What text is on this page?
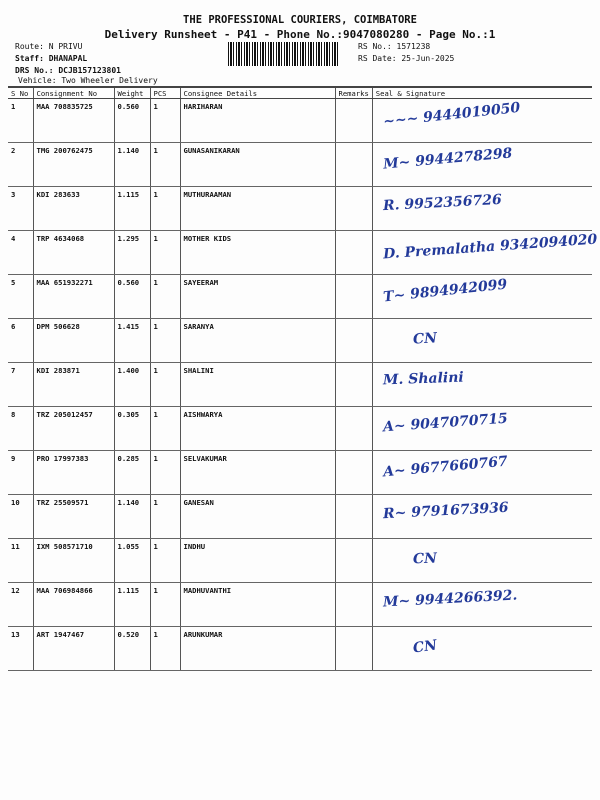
THE PROFESSIONAL COURIERS, COIMBATORE
Delivery Runsheet - P41 - Phone No.:9047080280 - Page No.:1
Route: N PRIVU
Staff: DHANAPAL
DRS No.: DCJB157123801
Vehicle: Two Wheeler Delivery
RS No.: 1571238
RS Date: 25-Jun-2025
S No	Consignment No	Weight	PCS	Consignee Details	Remarks	Seal & Signature
1	MAA 708835725	0.560	1	HARIHARAN		~~~ 9444019050

2	TMG 200762475	1.140	1	GUNASANIKARAN		M~ 9944278298

3	KDI 283633	1.115	1	MUTHURAAMAN		R. 9952356726

4	TRP 4634068	1.295	1	MOTHER KIDS		D. Premalatha 9342094020

5	MAA 651932271	0.560	1	SAYEERAM		T~ 9894942099

6	DPM 506628	1.415	1	SARANYA		CN

7	KDI 283871	1.400	1	SHALINI		M. Shalini

8	TRZ 205012457	0.305	1	AISHWARYA		A~ 9047070715

9	PRO 17997383	0.285	1	SELVAKUMAR		A~ 9677660767

10	TRZ 25509571	1.140	1	GANESAN		R~ 9791673936

11	IXM 508571710	1.055	1	INDHU		CN

12	MAA 706984866	1.115	1	MADHUVANTHI		M~ 9944266392.

13	ART 1947467	0.520	1	ARUNKUMAR		CN
